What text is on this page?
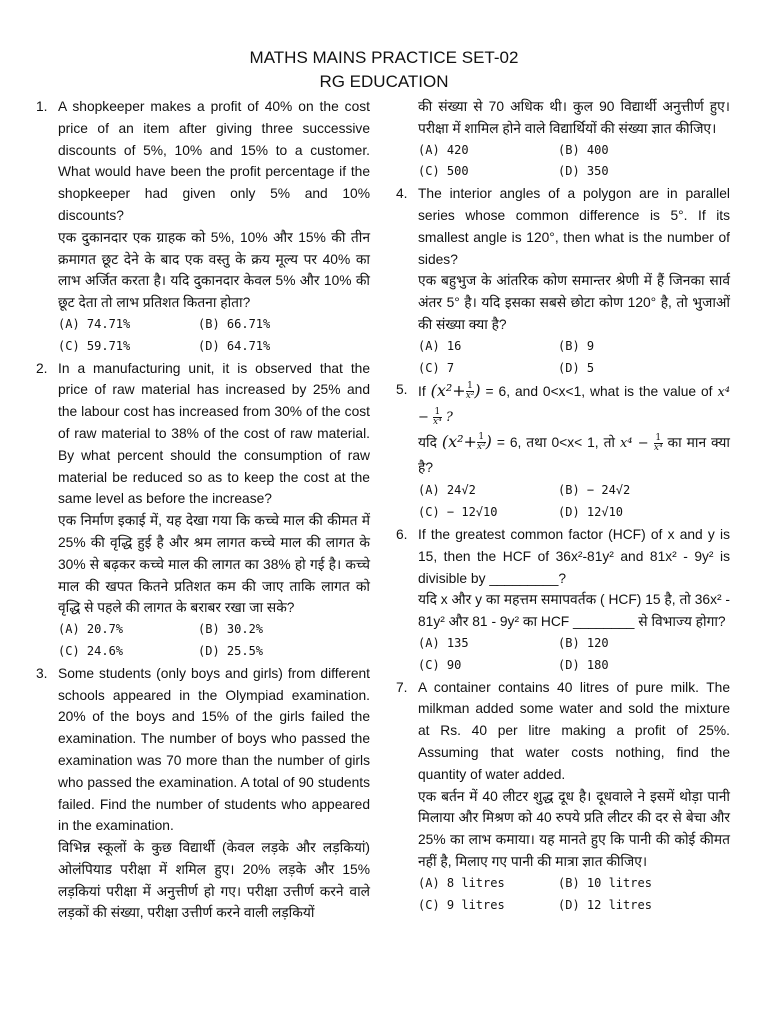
MATHS MAINS PRACTICE SET-02
RG EDUCATION
1. A shopkeeper makes a profit of 40% on the cost price of an item after giving three successive discounts of 5%, 10% and 15% to a customer. What would have been the profit percentage if the shopkeeper had given only 5% and 10% discounts?
एक दुकानदार एक ग्राहक को 5%, 10% और 15% की तीन क्रमागत छूट देने के बाद एक वस्तु के क्रय मूल्य पर 40% का लाभ अर्जित करता है। यदि दुकानदार केवल 5% और 10% की छूट देता तो लाभ प्रतिशत कितना होता?
(A) 74.71%	(B) 66.71%
(C) 59.71%	(D) 64.71%
2. In a manufacturing unit, it is observed that the price of raw material has increased by 25% and the labour cost has increased from 30% of the cost of raw material to 38% of the cost of raw material. By what percent should the consumption of raw material be reduced so as to keep the cost at the same level as before the increase?
एक निर्माण इकाई में, यह देखा गया कि कच्चे माल की कीमत में 25% की वृद्धि हुई है और श्रम लागत कच्चे माल की लागत के 30% से बढ़कर कच्चे माल की लागत का 38% हो गई है। कच्चे माल की खपत कितने प्रतिशत कम की जाए ताकि लागत को वृद्धि से पहले की लागत के बराबर रखा जा सके?
(A) 20.7%	(B) 30.2%
(C) 24.6%	(D) 25.5%
3. Some students (only boys and girls) from different schools appeared in the Olympiad examination. 20% of the boys and 15% of the girls failed the examination. The number of boys who passed the examination was 70 more than the number of girls who passed the examination. A total of 90 students failed. Find the number of students who appeared in the examination.
विभिन्न स्कूलों के कुछ विद्यार्थी (केवल लड़के और लड़कियां) ओलंपियाड परीक्षा में शमिल हुए। 20% लड़के और 15% लड़कियां परीक्षा में अनुत्तीर्ण हो गए। परीक्षा उत्तीर्ण करने वाले लड़कों की संख्या, परीक्षा उत्तीर्ण करने वाली लड़कियों
की संख्या से 70 अधिक थी। कुल 90 विद्यार्थी अनुत्तीर्ण हुए। परीक्षा में शामिल होने वाले विद्यार्थियों की संख्या ज्ञात कीजिए।
(A) 420	(B) 400
(C) 500	(D) 350
4. The interior angles of a polygon are in parallel series whose common difference is 5°. If its smallest angle is 120°, then what is the number of sides?
एक बहुभुज के आंतरिक कोण समान्तर श्रेणी में हैं जिनका सार्व अंतर 5° है। यदि इसका सबसे छोटा कोण 120° है, तो भुजाओं की संख्या क्या है?
(A) 16	(B) 9
(C) 7	(D) 5
5. If ($x^2+ \frac{1}{\text{x²}}$ ) = 6, and 0<x<1, what is the value of $x^4 - \frac{1}{\text{x⁴}}$ ?
यदि ($x^2+ \frac{1}{\text{x²}}$ ) = 6, तथा 0<x< 1, तो $x^4 - \frac{1}{\text{x⁴}}$ का मान क्या है?
(A) 24√2	(B) − 24√2
(C) − 12√10	(D) 12√10
6. If the greatest common factor (HCF) of x and y is 15, then the HCF of 36x²-81y² and 81x² - 9y² is divisible by _________?
यदि x और y का महत्तम समापवर्तक ( HCF) 15 है, तो 36x² - 81y² और 81 - 9y² का HCF ________ से विभाज्य होगा?
(A) 135	(B) 120
(C) 90	(D) 180
7. A container contains 40 litres of pure milk. The milkman added some water and sold the mixture at Rs. 40 per litre making a profit of 25%. Assuming that water costs nothing, find the quantity of water added.
एक बर्तन में 40 लीटर शुद्ध दूध है। दूधवाले ने इसमें थोड़ा पानी मिलाया और मिश्रण को 40 रुपये प्रति लीटर की दर से बेचा और 25% का लाभ कमाया। यह मानते हुए कि पानी की कोई कीमत नहीं है, मिलाए गए पानी की मात्रा ज्ञात कीजिए।
(A) 8 litres	(B) 10 litres
(C) 9 litres	(D) 12 litres
